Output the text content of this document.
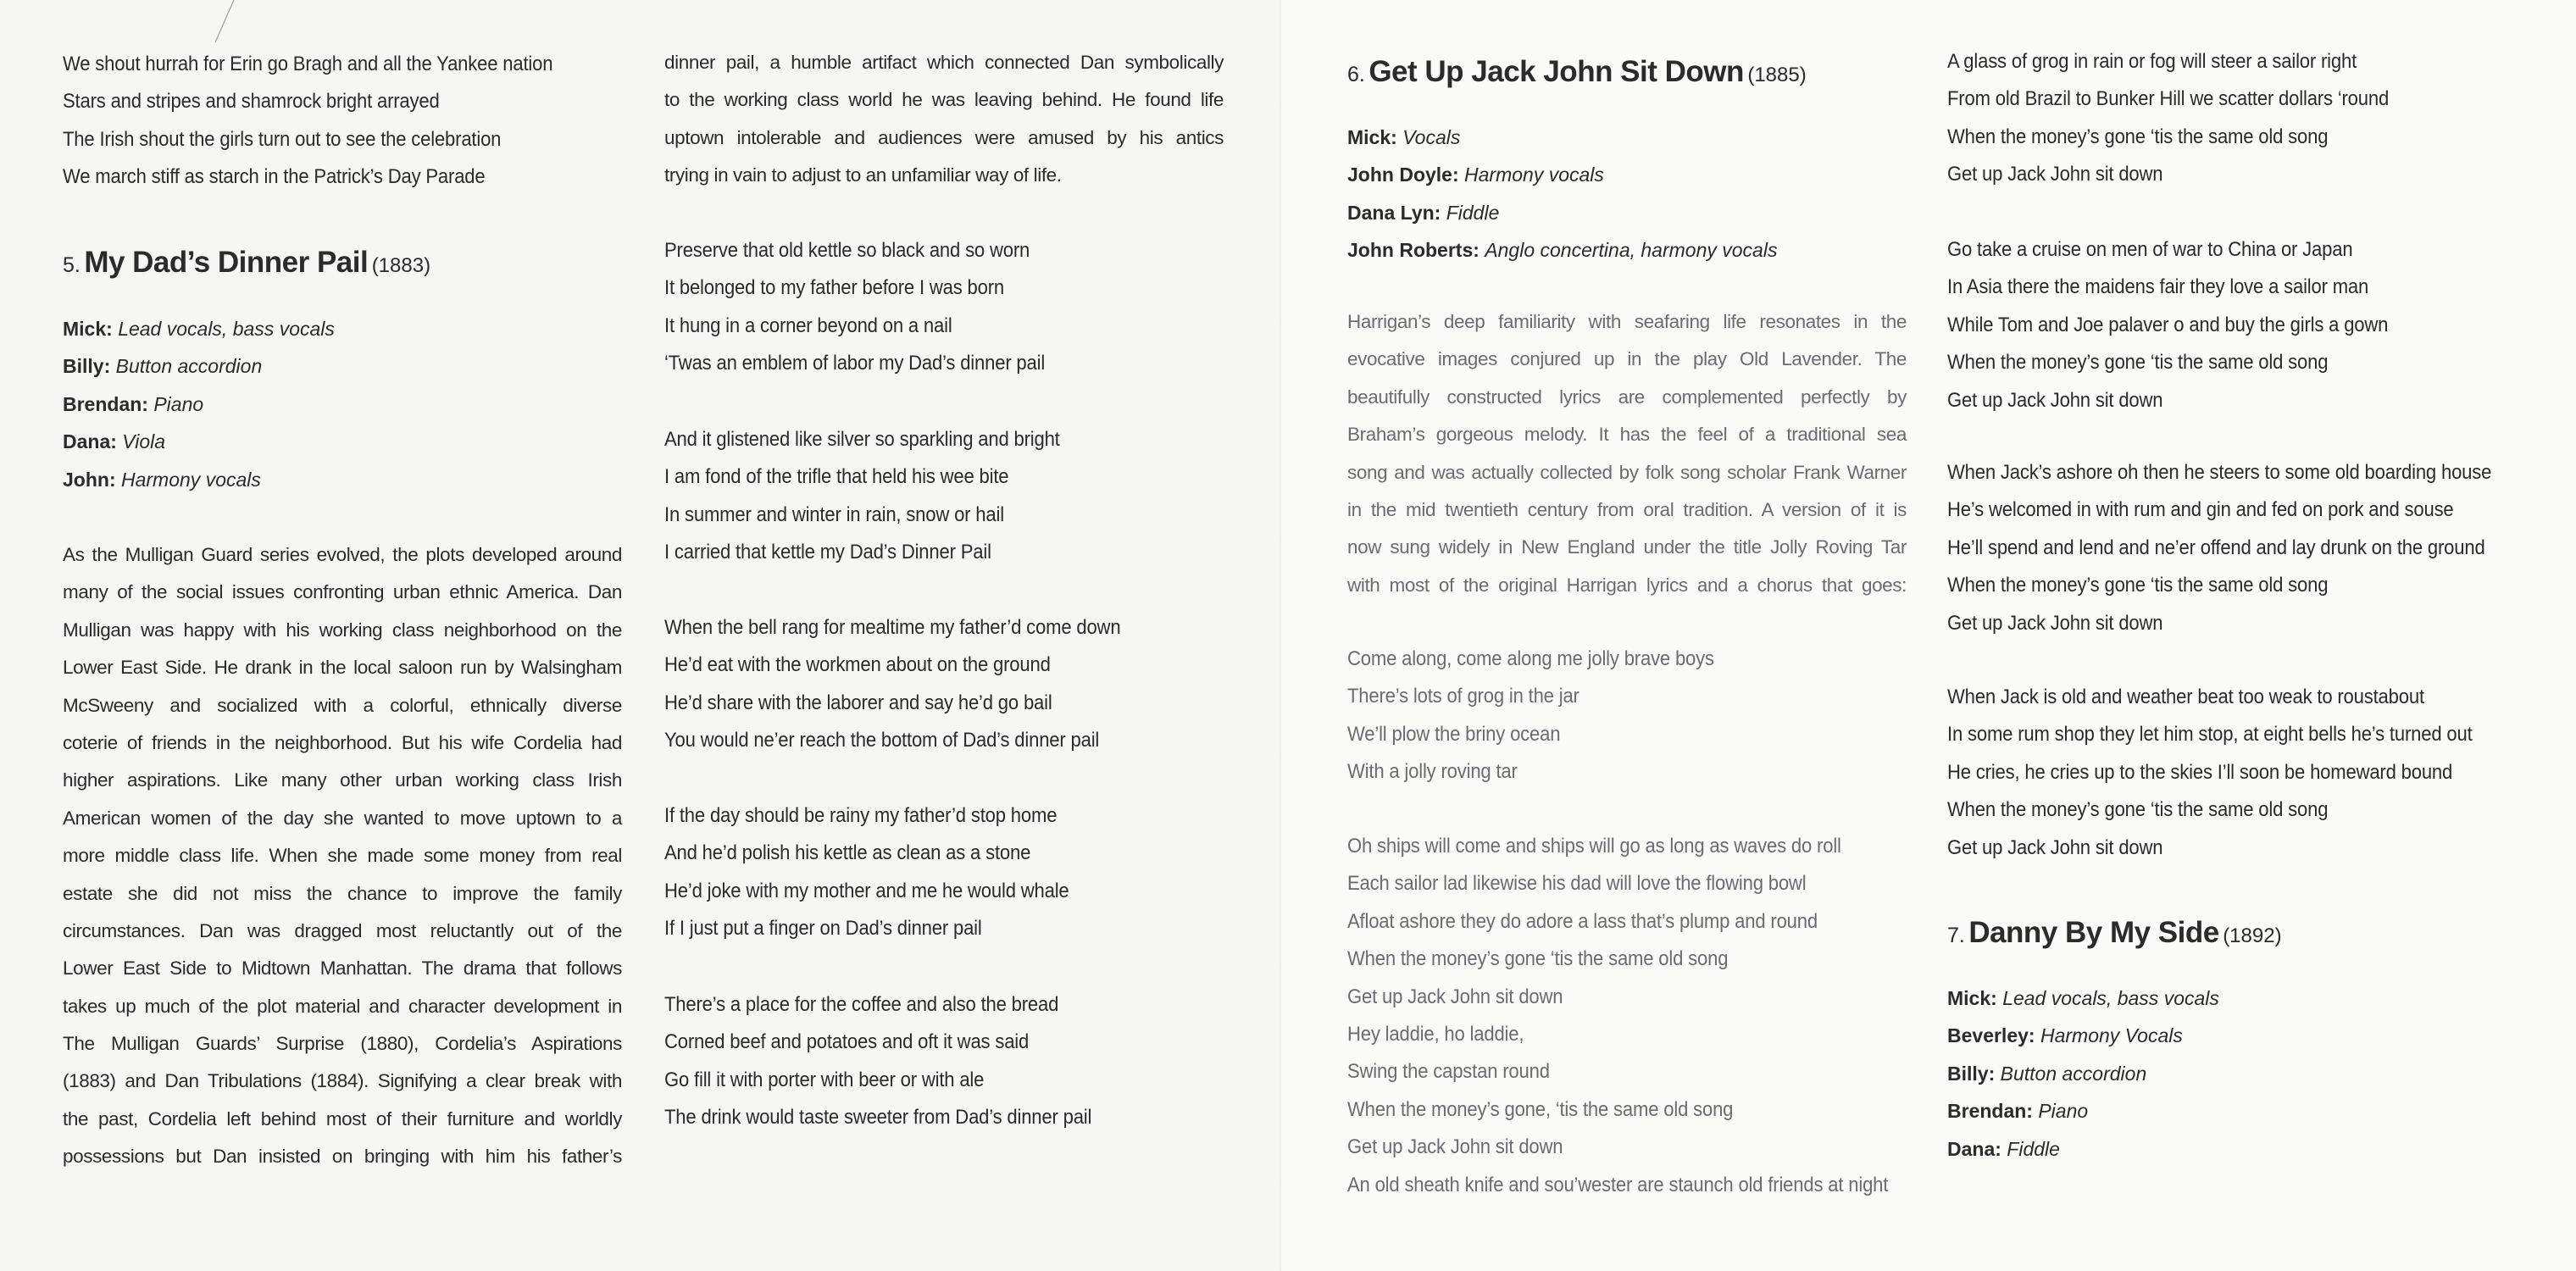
We shout hurrah for Erin go Bragh and all the Yankee nation
Stars and stripes and shamrock bright arrayed
The Irish shout the girls turn out to see the celebration
We march stiff as starch in the Patrick’s Day Parade
5. My Dad’s Dinner Pail (1883)
Mick: Lead vocals, bass vocals
Billy: Button accordion
Brendan: Piano
Dana: Viola
John: Harmony vocals
As the Mulligan Guard series evolved, the plots developed around
many of the social issues confronting urban ethnic America. Dan
Mulligan was happy with his working class neighborhood on the
Lower East Side. He drank in the local saloon run by Walsingham
McSweeny and socialized with a colorful, ethnically diverse
coterie of friends in the neighborhood. But his wife Cordelia had
higher aspirations. Like many other urban working class Irish
American women of the day she wanted to move uptown to a
more middle class life. When she made some money from real
estate she did not miss the chance to improve the family
circumstances. Dan was dragged most reluctantly out of the
Lower East Side to Midtown Manhattan. The drama that follows
takes up much of the plot material and character development in
The Mulligan Guards’ Surprise (1880), Cordelia’s Aspirations
(1883) and Dan Tribulations (1884). Signifying a clear break with
the past, Cordelia left behind most of their furniture and worldly
possessions but Dan insisted on bringing with him his father’s
dinner pail, a humble artifact which connected Dan symbolically
to the working class world he was leaving behind. He found life
uptown intolerable and audiences were amused by his antics
trying in vain to adjust to an unfamiliar way of life.
Preserve that old kettle so black and so worn
It belonged to my father before I was born
It hung in a corner beyond on a nail
‘Twas an emblem of labor my Dad’s dinner pail
And it glistened like silver so sparkling and bright
I am fond of the trifle that held his wee bite
In summer and winter in rain, snow or hail
I carried that kettle my Dad’s Dinner Pail
When the bell rang for mealtime my father’d come down
He’d eat with the workmen about on the ground
He’d share with the laborer and say he’d go bail
You would ne’er reach the bottom of Dad’s dinner pail
If the day should be rainy my father’d stop home
And he’d polish his kettle as clean as a stone
He’d joke with my mother and me he would whale
If I just put a finger on Dad’s dinner pail
There’s a place for the coffee and also the bread
Corned beef and potatoes and oft it was said
Go fill it with porter with beer or with ale
The drink would taste sweeter from Dad’s dinner pail
6. Get Up Jack John Sit Down (1885)
Mick: Vocals
John Doyle: Harmony vocals
Dana Lyn: Fiddle
John Roberts: Anglo concertina, harmony vocals
Harrigan’s deep familiarity with seafaring life resonates in the
evocative images conjured up in the play Old Lavender. The
beautifully constructed lyrics are complemented perfectly by
Braham’s gorgeous melody. It has the feel of a traditional sea
song and was actually collected by folk song scholar Frank Warner
in the mid twentieth century from oral tradition. A version of it is
now sung widely in New England under the title Jolly Roving Tar
with most of the original Harrigan lyrics and a chorus that goes:
Come along, come along me jolly brave boys
There’s lots of grog in the jar
We’ll plow the briny ocean
With a jolly roving tar
Oh ships will come and ships will go as long as waves do roll
Each sailor lad likewise his dad will love the flowing bowl
Afloat ashore they do adore a lass that’s plump and round
When the money’s gone ‘tis the same old song
Get up Jack John sit down
Hey laddie, ho laddie,
Swing the capstan round
When the money’s gone, ‘tis the same old song
Get up Jack John sit down
An old sheath knife and sou’wester are staunch old friends at night
A glass of grog in rain or fog will steer a sailor right
From old Brazil to Bunker Hill we scatter dollars ‘round
When the money’s gone ‘tis the same old song
Get up Jack John sit down
Go take a cruise on men of war to China or Japan
In Asia there the maidens fair they love a sailor man
While Tom and Joe palaver o and buy the girls a gown
When the money’s gone ‘tis the same old song
Get up Jack John sit down
When Jack’s ashore oh then he steers to some old boarding house
He’s welcomed in with rum and gin and fed on pork and souse
He’ll spend and lend and ne’er offend and lay drunk on the ground
When the money’s gone ‘tis the same old song
Get up Jack John sit down
When Jack is old and weather beat too weak to roustabout
In some rum shop they let him stop, at eight bells he’s turned out
He cries, he cries up to the skies I’ll soon be homeward bound
When the money’s gone ‘tis the same old song
Get up Jack John sit down
7. Danny By My Side (1892)
Mick: Lead vocals, bass vocals
Beverley: Harmony Vocals
Billy: Button accordion
Brendan: Piano
Dana: Fiddle
